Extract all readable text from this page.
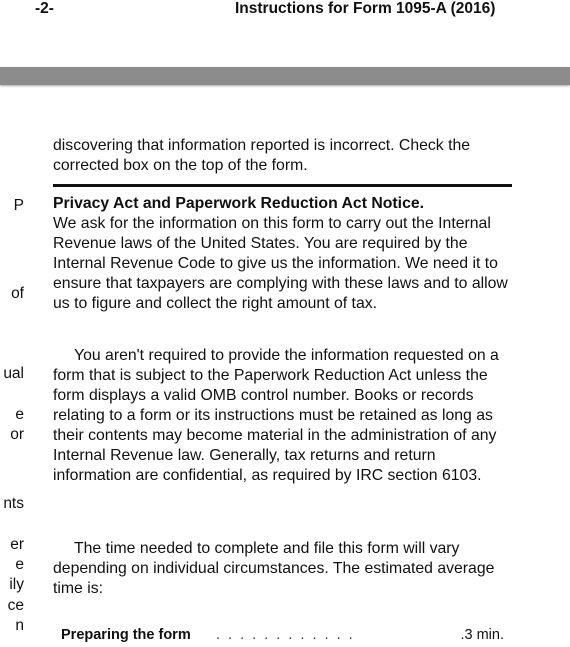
-2-	Instructions for Form 1095-A (2016)
P
of
ual
e
or
nts
er
e
ily
ce
n

discovering that information reported is incorrect. Check the corrected box on the top of the form.

Privacy Act and Paperwork Reduction Act Notice.
We ask for the information on this form to carry out the Internal Revenue laws of the United States. You are required by the Internal Revenue Code to give us the information. We need it to ensure that taxpayers are complying with these laws and to allow us to figure and collect the right amount of tax.

You aren't required to provide the information requested on a form that is subject to the Paperwork Reduction Act unless the form displays a valid OMB control number. Books or records relating to a form or its instructions must be retained as long as their contents may become material in the administration of any Internal Revenue law. Generally, tax returns and return information are confidential, as required by IRC section 6103.

The time needed to complete and file this form will vary depending on individual circumstances. The estimated average time is:

Preparing the form . . . . . . . . . . . .	.3 min.
